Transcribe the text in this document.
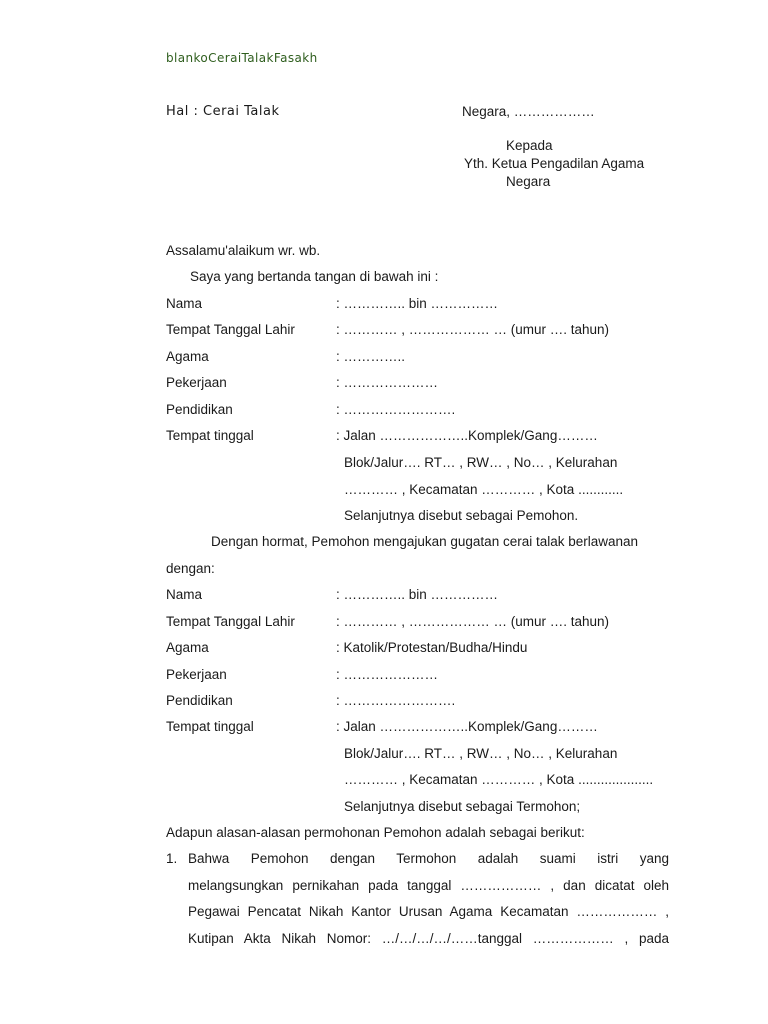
blankoCeraiTalakFasakh
Hal : Cerai Talak	Negara, ………………
Kepada
Yth. Ketua Pengadilan Agama
Negara
Assalamu'alaikum wr. wb.
Saya yang bertanda tangan di bawah ini :
Nama	: ………….. bin ……………
Tempat Tanggal Lahir	: ………… , ……………… … (umur …. tahun)
Agama	: …………..
Pekerjaan	: …………………
Pendidikan	: …………………….
Tempat tinggal	: Jalan ………………..Komplek/Gang………
Blok/Jalur…. RT… , RW… , No… , Kelurahan
………… , Kecamatan ………… , Kota ............
Selanjutnya disebut sebagai Pemohon.
Dengan hormat, Pemohon mengajukan gugatan cerai talak berlawanan
dengan:
Nama	: ………….. bin ……………
Tempat Tanggal Lahir	: ………… , ……………… … (umur …. tahun)
Agama	: Katolik/Protestan/Budha/Hindu
Pekerjaan	: …………………
Pendidikan	: …………………….
Tempat tinggal	: Jalan ………………..Komplek/Gang………
Blok/Jalur…. RT… , RW… , No… , Kelurahan
………… , Kecamatan ………… , Kota ....................
Selanjutnya disebut sebagai Termohon;
Adapun alasan-alasan permohonan Pemohon adalah sebagai berikut:
1. Bahwa Pemohon dengan Termohon adalah suami istri yang
melangsungkan pernikahan pada tanggal ……………… , dan dicatat oleh
Pegawai Pencatat Nikah Kantor Urusan Agama Kecamatan ……………… ,
Kutipan Akta Nikah Nomor: …/…/…/…/……tanggal ……………… , pada
